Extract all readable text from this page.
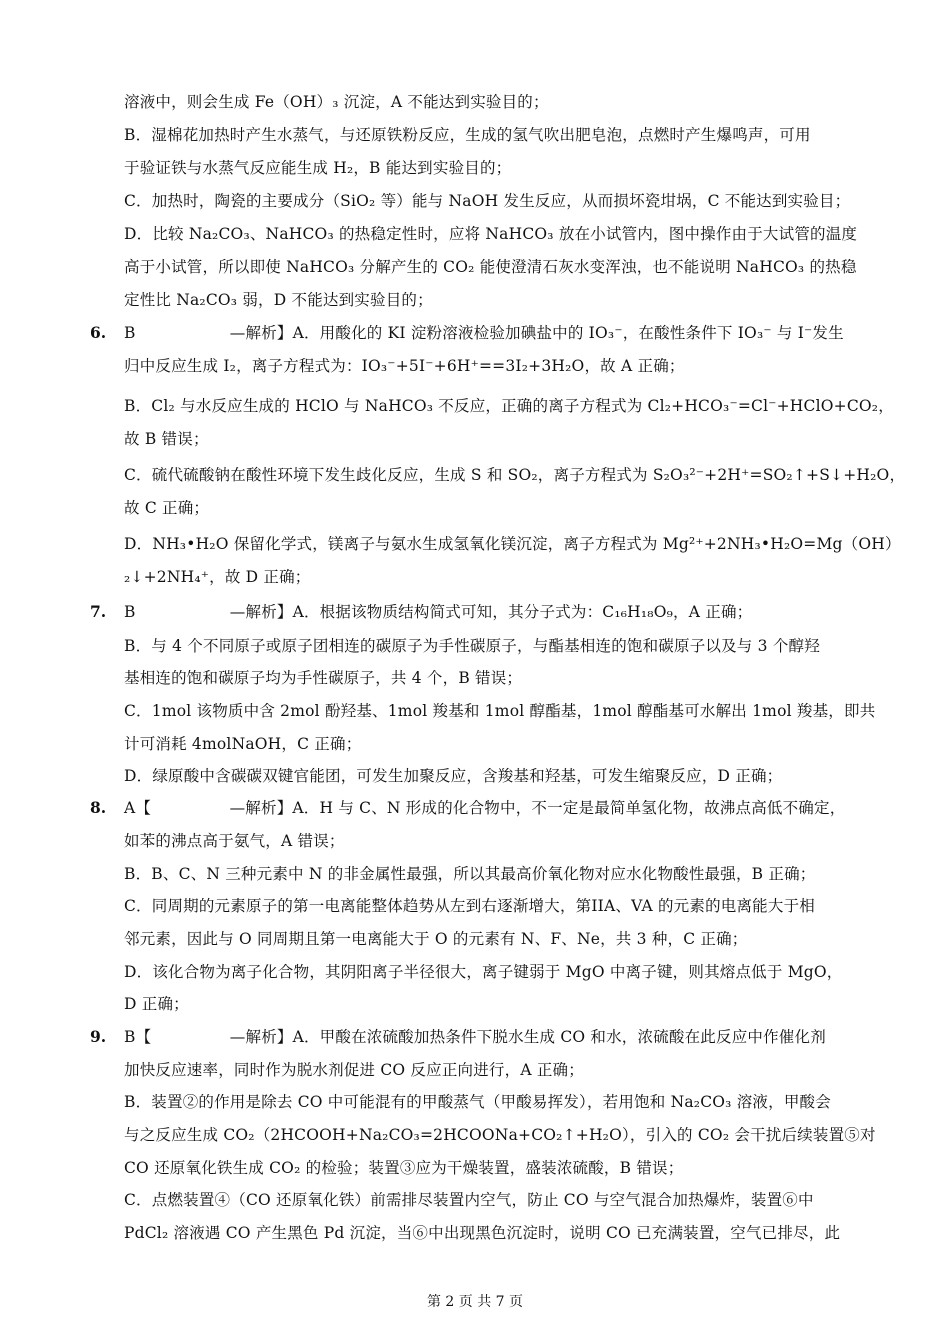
溶液中，则会生成 Fe（OH）₃ 沉淀，A 不能达到实验目的；

B．湿棉花加热时产生水蒸气，与还原铁粉反应，生成的氢气吹出肥皂泡，点燃时产生爆鸣声，可用

于验证铁与水蒸气反应能生成 H₂，B 能达到实验目的；

C．加热时，陶瓷的主要成分（SiO₂ 等）能与 NaOH 发生反应，从而损坏瓷坩埚，C 不能达到实验目；

D．比较 Na₂CO₃、NaHCO₃ 的热稳定性时，应将 NaHCO₃ 放在小试管内，图中操作由于大试管的温度

高于小试管，所以即使 NaHCO₃ 分解产生的 CO₂ 能使澄清石灰水变浑浊，也不能说明 NaHCO₃ 的热稳

定性比 Na₂CO₃ 弱，D 不能达到实验目的；

6. B　　　　　　—解析】A．用酸化的 KI 淀粉溶液检验加碘盐中的 IO₃⁻，在酸性条件下 IO₃⁻ 与 I⁻发生

归中反应生成 I₂，离子方程式为：IO₃⁻+5I⁻+6H⁺==3I₂+3H₂O，故 A 正确；

B．Cl₂ 与水反应生成的 HClO 与 NaHCO₃ 不反应，正确的离子方程式为 Cl₂+HCO₃⁻=Cl⁻+HClO+CO₂，

故 B 错误；

C．硫代硫酸钠在酸性环境下发生歧化反应，生成 S 和 SO₂，离子方程式为 S₂O₃²⁻+2H⁺=SO₂↑+S↓+H₂O，

故 C 正确；

D．NH₃•H₂O 保留化学式，镁离子与氨水生成氢氧化镁沉淀，离子方程式为 Mg²⁺+2NH₃•H₂O=Mg（OH）

₂↓+2NH₄⁺，故 D 正确；

7. B　　　　　　—解析】A．根据该物质结构简式可知，其分子式为：C₁₆H₁₈O₉，A 正确；

B．与 4 个不同原子或原子团相连的碳原子为手性碳原子，与酯基相连的饱和碳原子以及与 3 个醇羟

基相连的饱和碳原子均为手性碳原子，共 4 个，B 错误；

C．1mol 该物质中含 2mol 酚羟基、1mol 羧基和 1mol 醇酯基，1mol 醇酯基可水解出 1mol 羧基，即共

计可消耗 4molNaOH，C 正确；

D．绿原酸中含碳碳双键官能团，可发生加聚反应，含羧基和羟基，可发生缩聚反应，D 正确；

8. A【　　　　　—解析】A．H 与 C、N 形成的化合物中，不一定是最简单氢化物，故沸点高低不确定，

如苯的沸点高于氨气，A 错误；

B．B、C、N 三种元素中 N 的非金属性最强，所以其最高价氧化物对应水化物酸性最强，B 正确；

C．同周期的元素原子的第一电离能整体趋势从左到右逐渐增大，第IIA、VA 的元素的电离能大于相

邻元素，因此与 O 同周期且第一电离能大于 O 的元素有 N、F、Ne，共 3 种，C 正确；

D．该化合物为离子化合物，其阴阳离子半径很大，离子键弱于 MgO 中离子键，则其熔点低于 MgO，

D 正确；

9. B【　　　　　—解析】A．甲酸在浓硫酸加热条件下脱水生成 CO 和水，浓硫酸在此反应中作催化剂

加快反应速率，同时作为脱水剂促进 CO 反应正向进行，A 正确；

B．装置②的作用是除去 CO 中可能混有的甲酸蒸气（甲酸易挥发），若用饱和 Na₂CO₃ 溶液，甲酸会

与之反应生成 CO₂（2HCOOH+Na₂CO₃=2HCOONa+CO₂↑+H₂O），引入的 CO₂ 会干扰后续装置⑤对

CO 还原氧化铁生成 CO₂ 的检验；装置③应为干燥装置，盛装浓硫酸，B 错误；

C．点燃装置④（CO 还原氧化铁）前需排尽装置内空气，防止 CO 与空气混合加热爆炸，装置⑥中

PdCl₂ 溶液遇 CO 产生黑色 Pd 沉淀，当⑥中出现黑色沉淀时，说明 CO 已充满装置，空气已排尽，此

第 2 页 共 7 页
